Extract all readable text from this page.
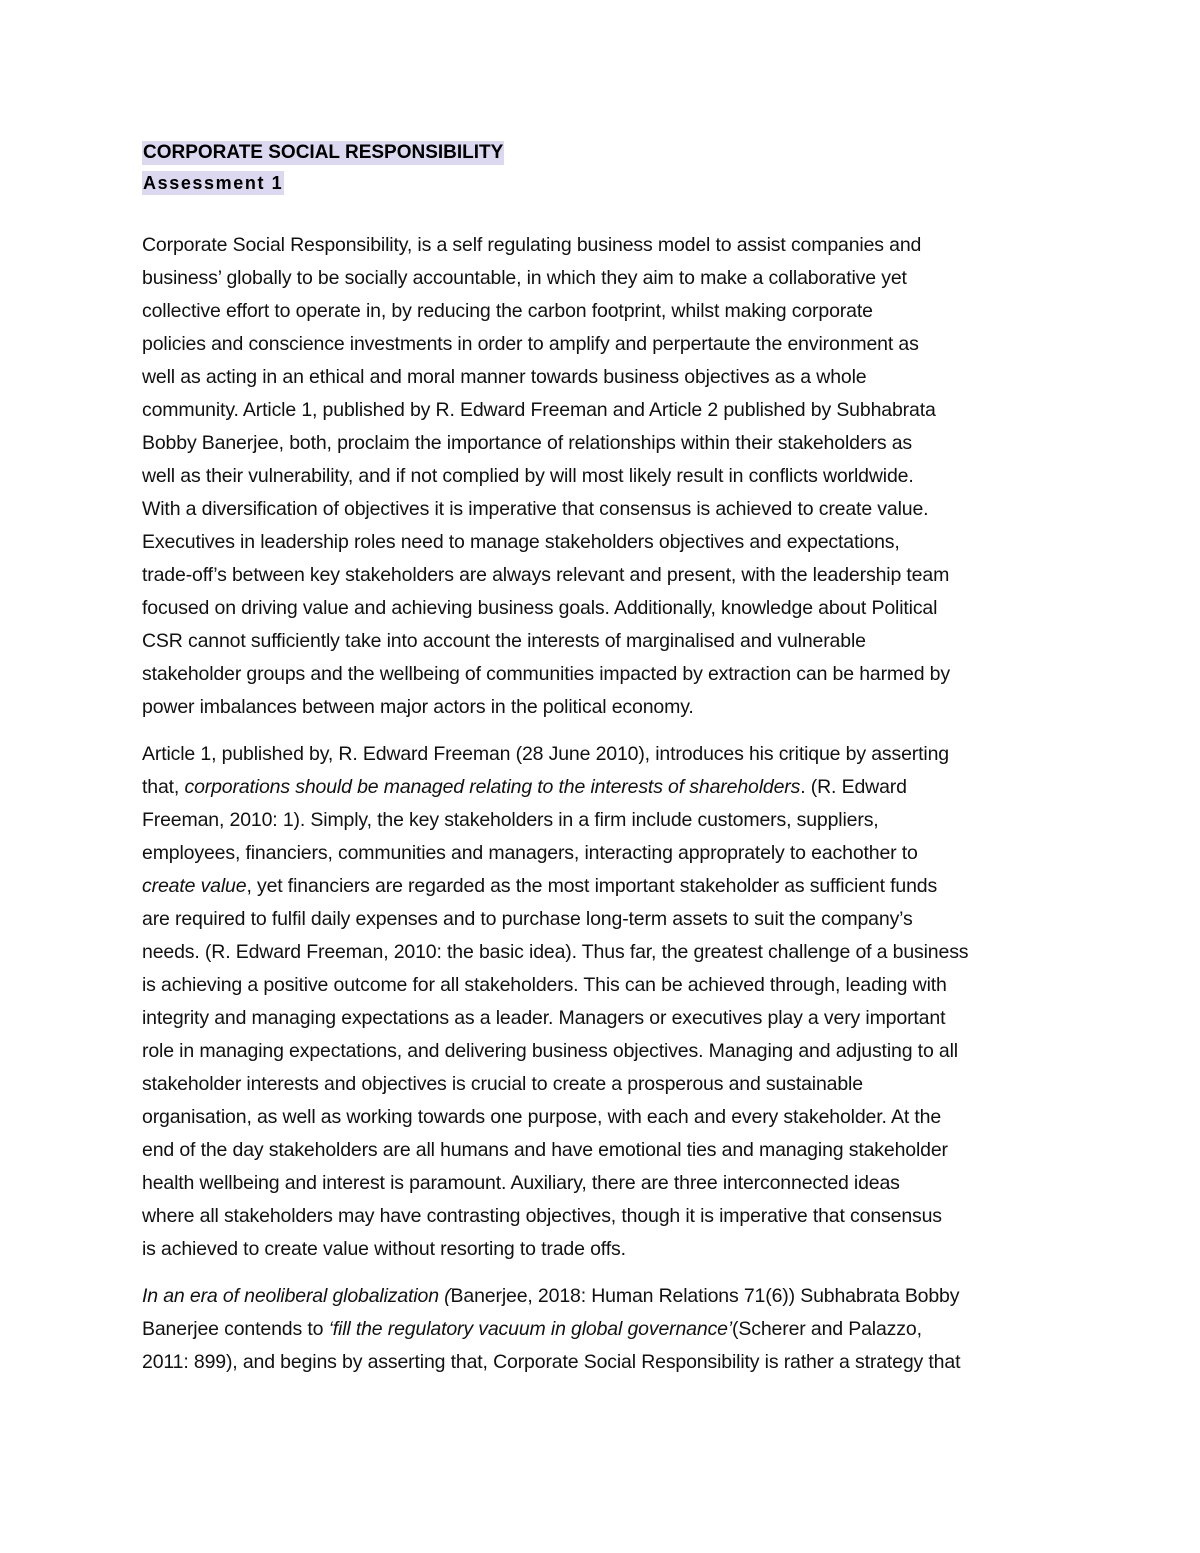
CORPORATE SOCIAL RESPONSIBILITY
Assessment 1
Corporate Social Responsibility, is a self regulating business model to assist companies and
business’ globally to be socially accountable, in which they aim to make a collaborative yet
collective effort to operate in, by reducing the carbon footprint, whilst making corporate
policies and conscience investments in order to amplify and perpertaute the environment as
well as acting in an ethical and moral manner towards business objectives as a whole
community. Article 1, published by R. Edward Freeman and Article 2 published by Subhabrata
Bobby Banerjee, both, proclaim the importance of relationships within their stakeholders as
well as their vulnerability, and if not complied by will most likely result in conflicts worldwide.
With a diversification of objectives it is imperative that consensus is achieved to create value.
Executives in leadership roles need to manage stakeholders objectives and expectations,
trade-off’s between key stakeholders are always relevant and present, with the leadership team
focused on driving value and achieving business goals. Additionally, knowledge about Political
CSR cannot sufficiently take into account the interests of marginalised and vulnerable
stakeholder groups and the wellbeing of communities impacted by extraction can be harmed by
power imbalances between major actors in the political economy.
Article 1, published by, R. Edward Freeman (28 June 2010), introduces his critique by asserting
that, corporations should be managed relating to the interests of shareholders. (R. Edward
Freeman, 2010: 1). Simply, the key stakeholders in a firm include customers, suppliers,
employees, financiers, communities and managers, interacting approprately to eachother to
create value, yet financiers are regarded as the most important stakeholder as sufficient funds
are required to fulfil daily expenses and to purchase long-term assets to suit the company’s
needs. (R. Edward Freeman, 2010: the basic idea). Thus far, the greatest challenge of a business
is achieving a positive outcome for all stakeholders. This can be achieved through, leading with
integrity and managing expectations as a leader. Managers or executives play a very important
role in managing expectations, and delivering business objectives. Managing and adjusting to all
stakeholder interests and objectives is crucial to create a prosperous and sustainable
organisation, as well as working towards one purpose, with each and every stakeholder. At the
end of the day stakeholders are all humans and have emotional ties and managing stakeholder
health wellbeing and interest is paramount. Auxiliary, there are three interconnected ideas
where all stakeholders may have contrasting objectives, though it is imperative that consensus
is achieved to create value without resorting to trade offs.
In an era of neoliberal globalization (Banerjee, 2018: Human Relations 71(6)) Subhabrata Bobby
Banerjee contends to ‘fill the regulatory vacuum in global governance’(Scherer and Palazzo,
2011: 899), and begins by asserting that, Corporate Social Responsibility is rather a strategy that
